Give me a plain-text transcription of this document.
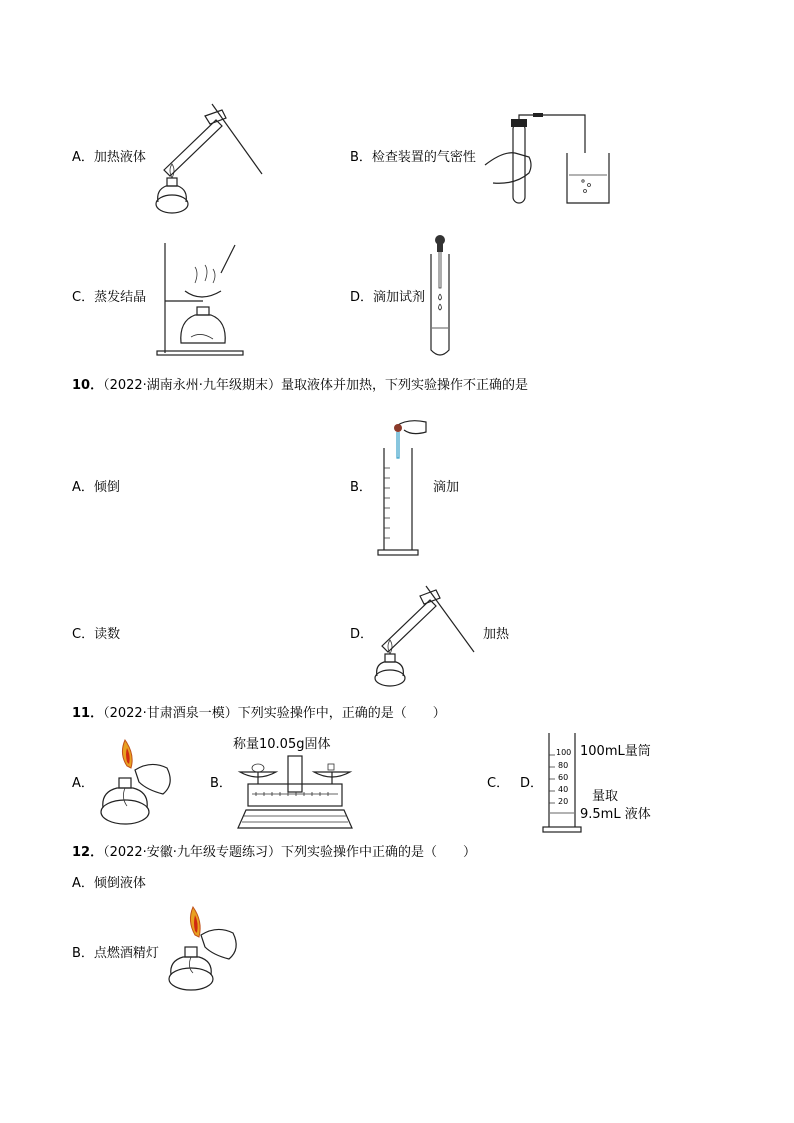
A．加热液体	B．检查装置的气密性
C．蒸发结晶	D．滴加试剂
10．（2022·湖南永州·九年级期末）量取液体并加热，下列实验操作不正确的是
A．倾倒	B．	滴加
C．读数	D．	加热
11．（2022·甘肃酒泉一模）下列实验操作中，正确的是（　　）
A．	B．
称量10.05g固体
C． D．
100
80
60
40
20
100mL量筒
量取
9.5mL 液体
12．（2022·安徽·九年级专题练习）下列实验操作中正确的是（　　）
A．倾倒液体
B．点燃酒精灯
